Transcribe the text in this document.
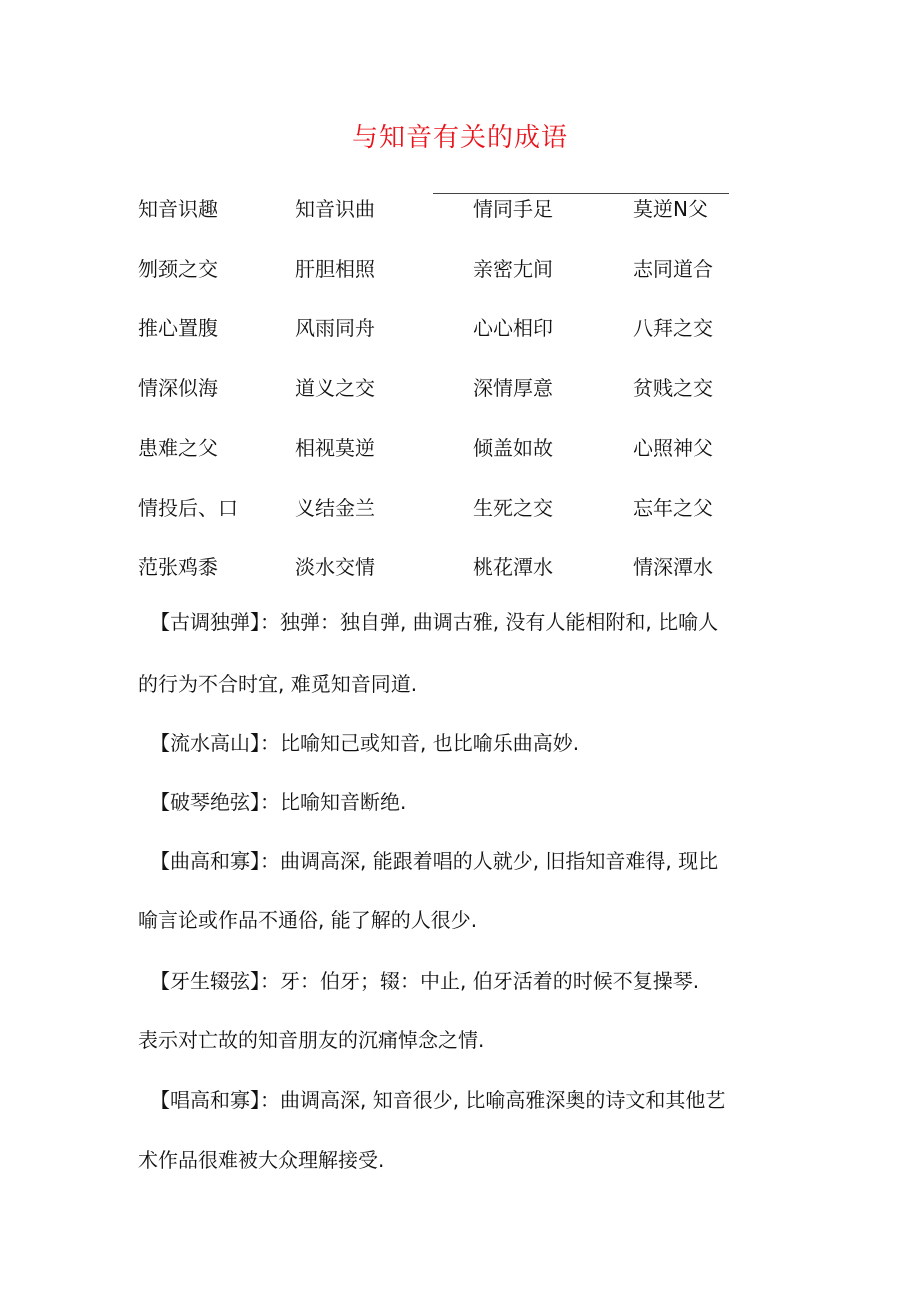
与知音有关的成语
知音识趣	知音识曲	情同手足	莫逆N父
刎颈之交	肝胆相照	亲密尢间	志同道合
推心置腹	风雨同舟	心心相印	八拜之交
情深似海	道义之交	深情厚意	贫贱之交
患难之父	相视莫逆	倾盖如故	心照神父
情投后、口	义结金兰	生死之交	忘年之父
范张鸡黍	淡水交情	桃花潭水	情深潭水
【古调独弹】：独弹：独自弹, 曲调古雅, 没有人能相附和, 比喻人
的行为不合时宜, 难觅知音同道.
【流水高山】：比喻知己或知音, 也比喻乐曲高妙.
【破琴绝弦】：比喻知音断绝.
【曲高和寡】：曲调高深, 能跟着唱的人就少, 旧指知音难得, 现比
喻言论或作品不通俗, 能了解的人很少.
【牙生辍弦】：牙：伯牙；辍：中止, 伯牙活着的时候不复操琴.
表示对亡故的知音朋友的沉痛悼念之情.
【唱高和寡】：曲调高深, 知音很少, 比喻高雅深奥的诗文和其他艺
术作品很难被大众理解接受.
